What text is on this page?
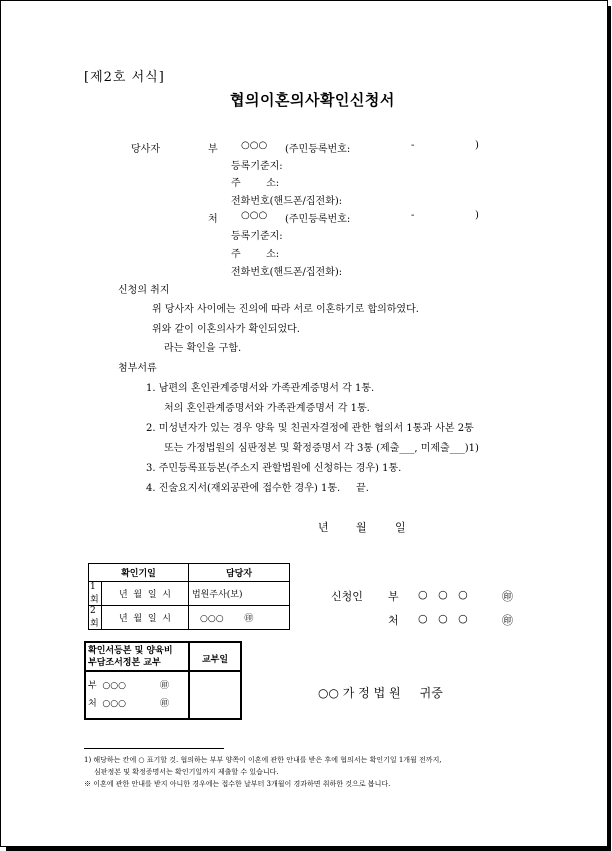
[제2호 서식]
협의이혼의사확인신청서
당사자	부 ○○○ (주민등록번호:	-	)
등록기준지:
주        소:
전화번호(핸드폰/집전화):
처 ○○○ (주민등록번호:	-	)
등록기준지:
주        소:
전화번호(핸드폰/집전화):
신청의 취지
위 당사자 사이에는 진의에 따라 서로 이혼하기로 합의하였다.
위와 같이 이혼의사가 확인되었다.
라는 확인을 구함.
첨부서류
1. 남편의 혼인관계증명서와 가족관계증명서 각 1통.
처의 혼인관계증명서와 가족관계증명서 각 1통.
2. 미성년자가 있는 경우 양육 및 친권자결정에 관한 협의서 1통과 사본 2통
또는 가정법원의 심판정본 및 확정증명서 각 3통 (제출___, 미제출___)1)
3. 주민등록표등본(주소지 관할법원에 신청하는 경우) 1통.
4. 진술요지서(재외공관에 접수한 경우) 1통.     끝.
년 월	일
확인기일		담당자
1회	년  월  일  시	법원주사(보)
2회	년  월  일  시	○○○ ㊞
신청인 부 ○   ○   ○	㊞
처 ○   ○   ○	㊞
확인서등본 및 양육비
부담조서정본 교부	교부일

부  ○○○ ㊞
처  ○○○ ㊞	

○○ 가 정 법 원     귀중
1) 해당하는 칸에 ○ 표기할 것. 협의하는 부부 양쪽이 이혼에 관한 안내를 받은 후에 협의서는 확인기일 1개월 전까지,
심판정본 및 확정증명서는 확인기일까지 제출할 수 있습니다.
※ 이혼에 관한 안내를 받지 아니한 경우에는 접수한 날부터 3개월이 경과하면 취하한 것으로 봅니다.
